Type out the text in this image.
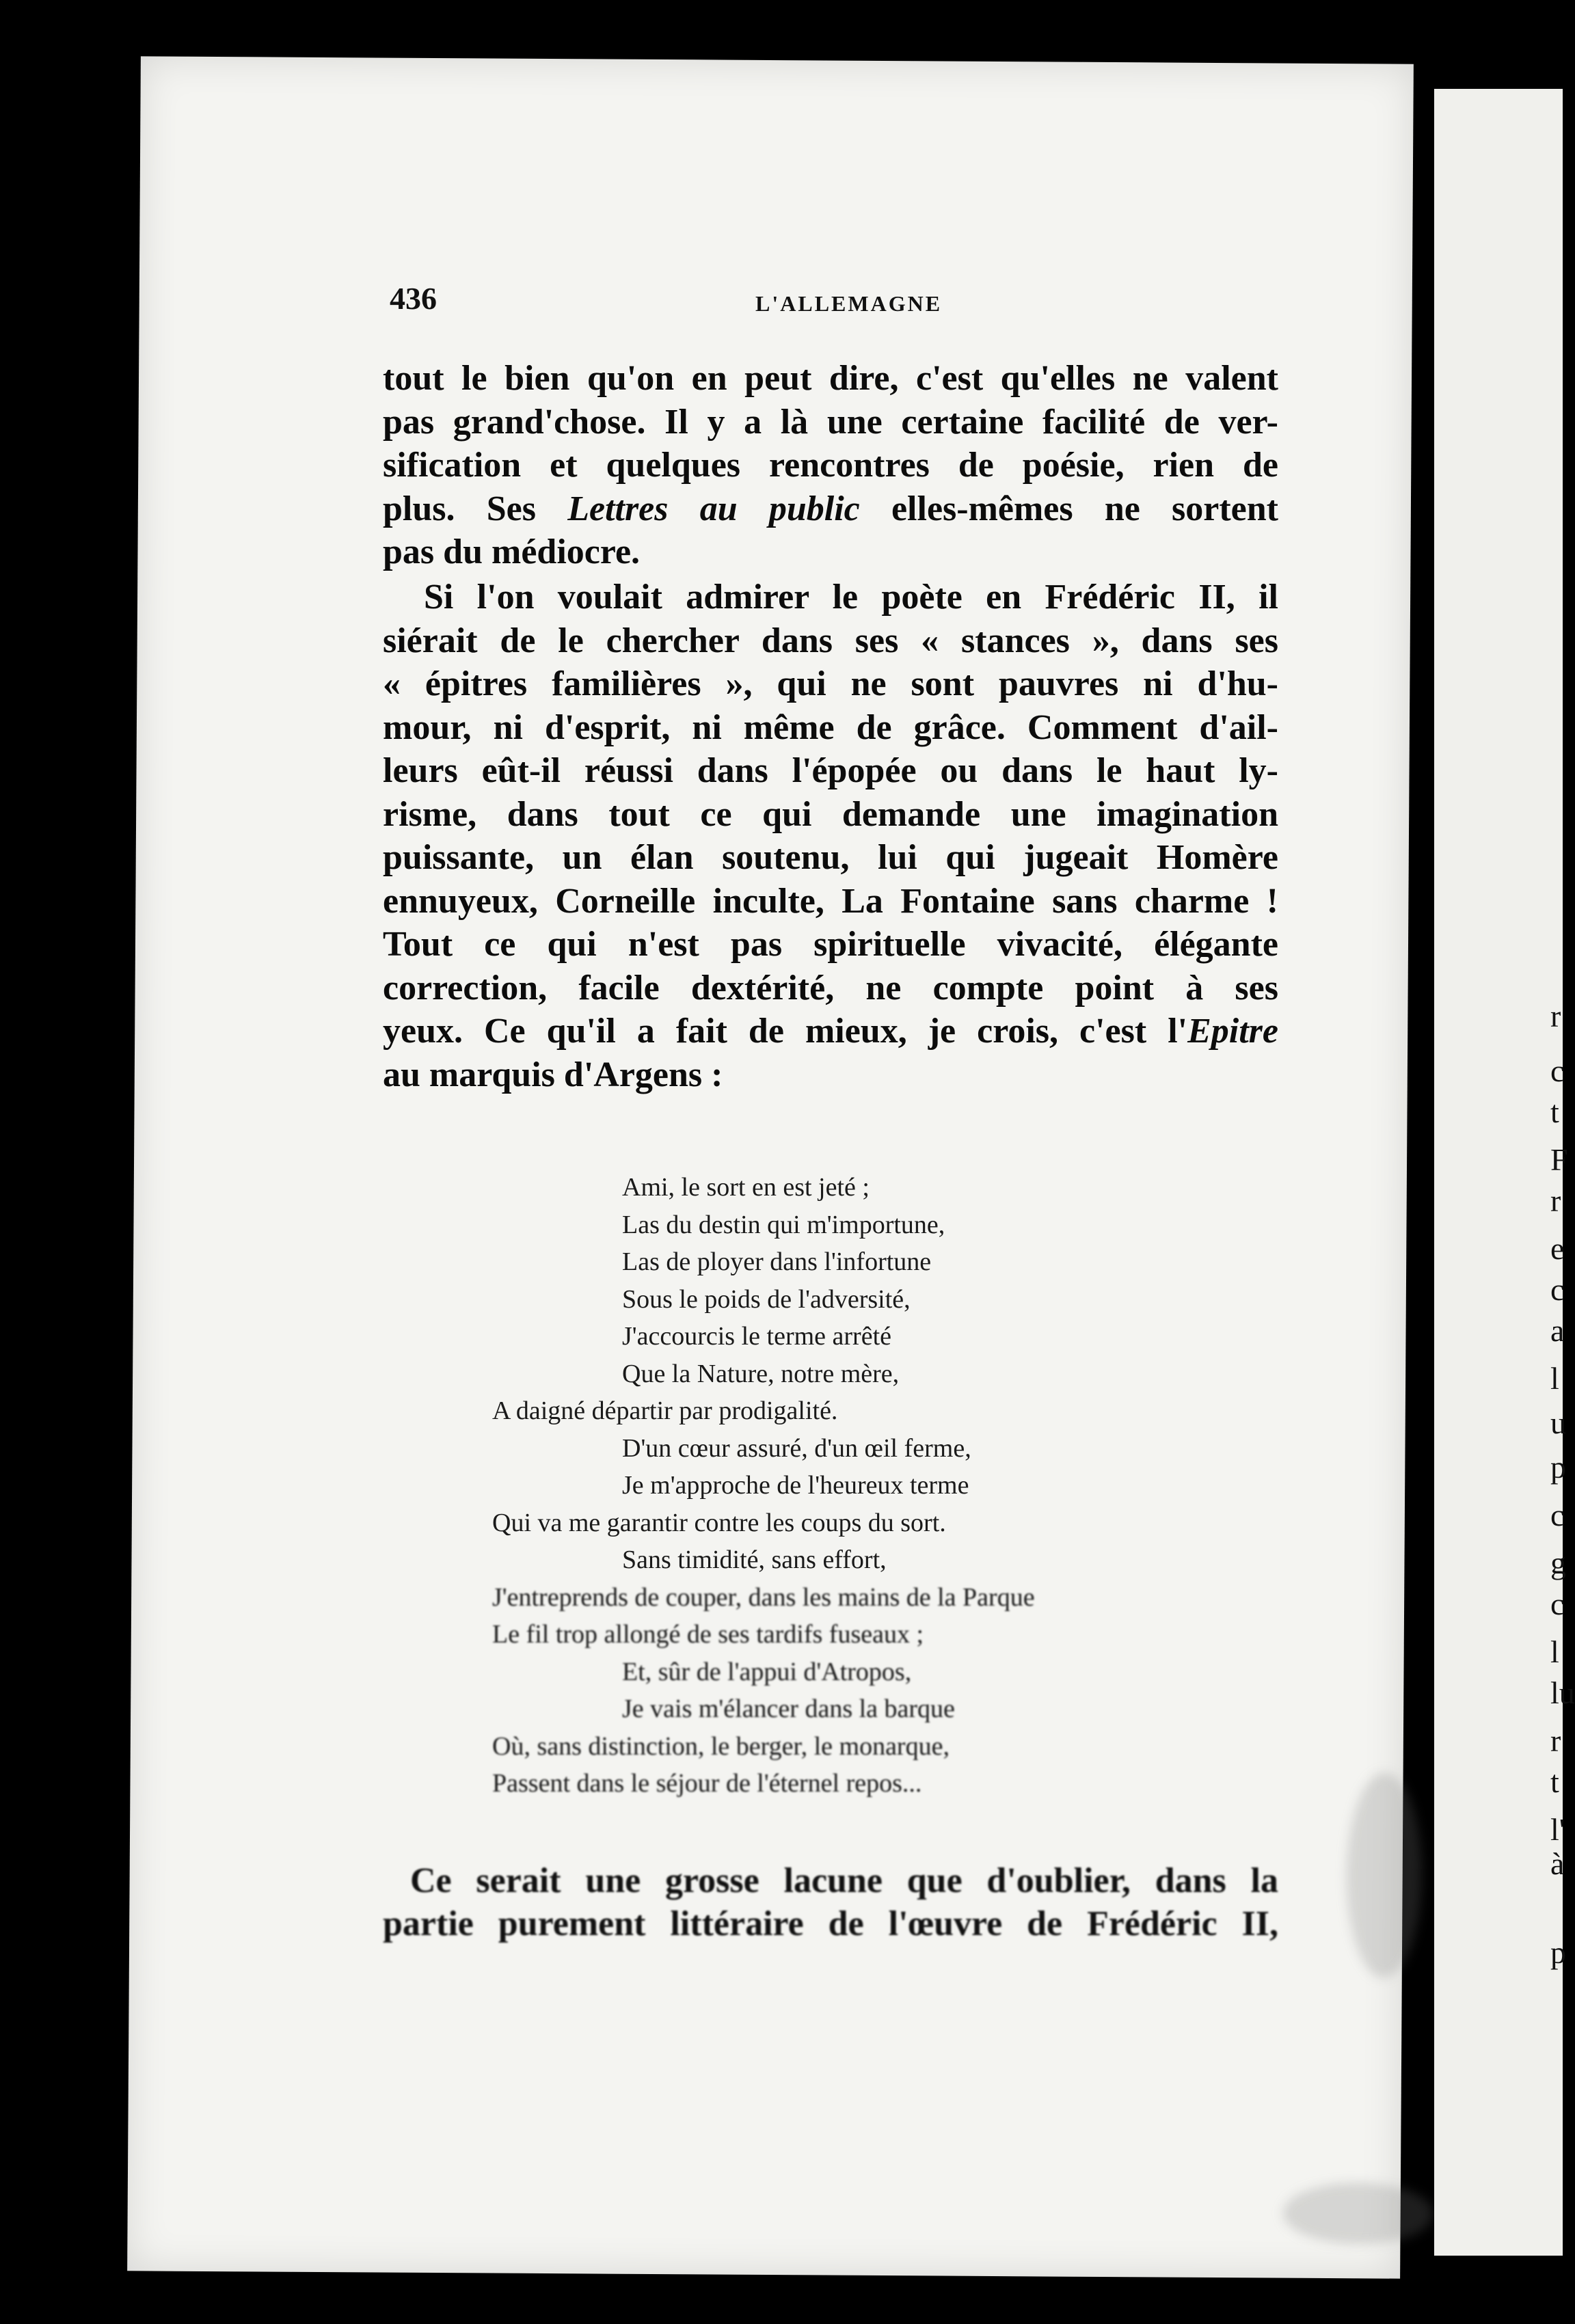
r
c
t
F
r
e
c
a
l
u
p
c
g
c
l
lu
r
t
l'
à
p
436	L'ALLEMAGNE
tout le bien qu'on en peut dire, c'est qu'elles ne valent
pas grand'chose. Il y a là une certaine facilité de ver-
sification et quelques rencontres de poésie, rien de
plus. Ses Lettres au public elles-mêmes ne sortent
pas du médiocre.
Si l'on voulait admirer le poète en Frédéric II, il
siérait de le chercher dans ses « stances », dans ses
« épitres familières », qui ne sont pauvres ni d'hu-
mour, ni d'esprit, ni même de grâce. Comment d'ail-
leurs eût-il réussi dans l'épopée ou dans le haut ly-
risme, dans tout ce qui demande une imagination
puissante, un élan soutenu, lui qui jugeait Homère
ennuyeux, Corneille inculte, La Fontaine sans charme !
Tout ce qui n'est pas spirituelle vivacité, élégante
correction, facile dextérité, ne compte point à ses
yeux. Ce qu'il a fait de mieux, je crois, c'est l'Epitre
au marquis d'Argens :
Ami, le sort en est jeté ;
Las du destin qui m'importune,
Las de ployer dans l'infortune
Sous le poids de l'adversité,
J'accourcis le terme arrêté
Que la Nature, notre mère,
A daigné départir par prodigalité.
D'un cœur assuré, d'un œil ferme,
Je m'approche de l'heureux terme
Qui va me garantir contre les coups du sort.
Sans timidité, sans effort,
J'entreprends de couper, dans les mains de la Parque
Le fil trop allongé de ses tardifs fuseaux ;
Et, sûr de l'appui d'Atropos,
Je vais m'élancer dans la barque
Où, sans distinction, le berger, le monarque,
Passent dans le séjour de l'éternel repos...
Ce serait une grosse lacune que d'oublier, dans la
partie purement littéraire de l'œuvre de Frédéric II,
